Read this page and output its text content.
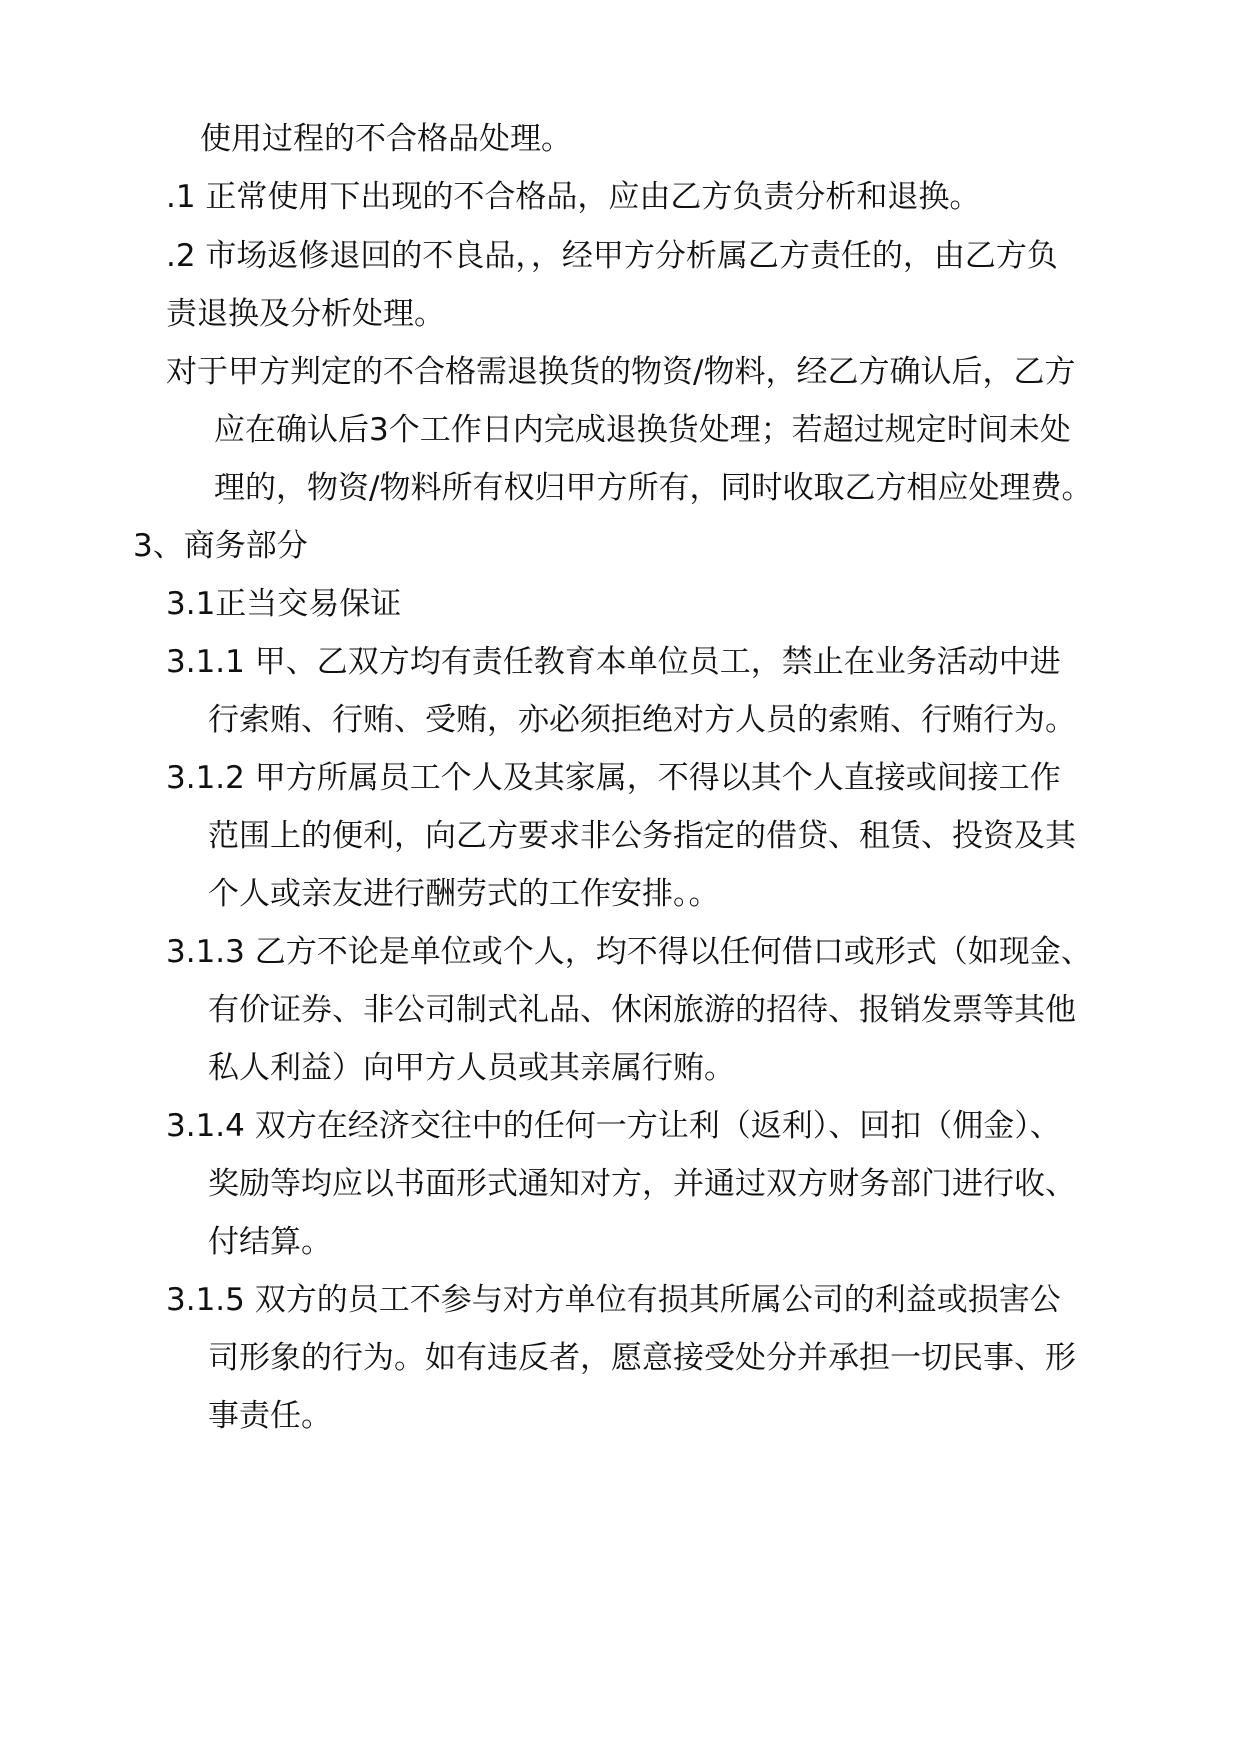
使用过程的不合格品处理。
.1 正常使用下出现的不合格品，应由乙方负责分析和退换。
.2 市场返修退回的不良品，，经甲方分析属乙方责任的，由乙方负
责退换及分析处理。
对于甲方判定的不合格需退换货的物资/物料，经乙方确认后，乙方
应在确认后3个工作日内完成退换货处理；若超过规定时间未处
理的，物资/物料所有权归甲方所有，同时收取乙方相应处理费。
3、商务部分
3.1正当交易保证
3.1.1 甲、乙双方均有责任教育本单位员工，禁止在业务活动中进
行索贿、行贿、受贿，亦必须拒绝对方人员的索贿、行贿行为。
3.1.2 甲方所属员工个人及其家属，不得以其个人直接或间接工作
范围上的便利，向乙方要求非公务指定的借贷、租赁、投资及其
个人或亲友进行酬劳式的工作安排。。
3.1.3 乙方不论是单位或个人，均不得以任何借口或形式（如现金、
有价证券、非公司制式礼品、休闲旅游的招待、报销发票等其他
私人利益）向甲方人员或其亲属行贿。
3.1.4 双方在经济交往中的任何一方让利（返利）、回扣（佣金）、
奖励等均应以书面形式通知对方，并通过双方财务部门进行收、
付结算。
3.1.5 双方的员工不参与对方单位有损其所属公司的利益或损害公
司形象的行为。如有违反者，愿意接受处分并承担一切民事、形
事责任。
